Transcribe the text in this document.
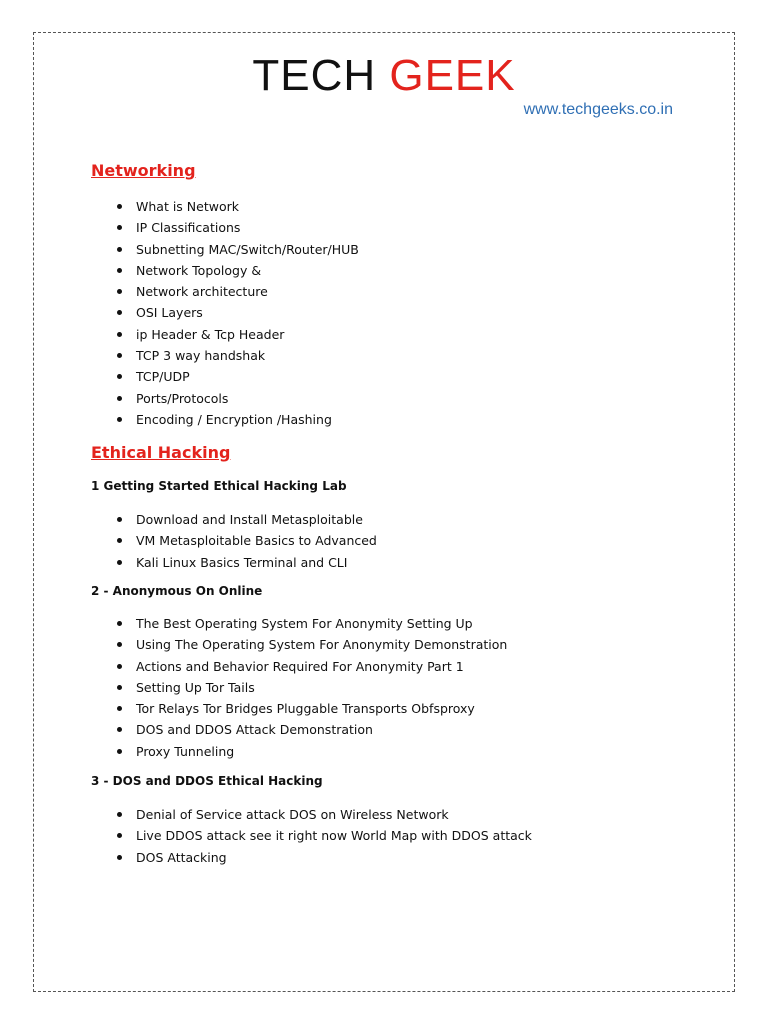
TECH GEEK
www.techgeeks.co.in
Networking
What is Network
IP Classifications
Subnetting MAC/Switch/Router/HUB
Network Topology &
Network architecture
OSI Layers
ip Header & Tcp Header
TCP 3 way handshak
TCP/UDP
Ports/Protocols
Encoding / Encryption /Hashing
Ethical Hacking

1 Getting Started Ethical Hacking Lab

Download and Install Metasploitable
VM Metasploitable Basics to Advanced
Kali Linux Basics Terminal and CLI

2 - Anonymous On Online

The Best Operating System For Anonymity Setting Up
Using The Operating System For Anonymity Demonstration
Actions and Behavior Required For Anonymity Part 1
Setting Up Tor Tails
Tor Relays Tor Bridges Pluggable Transports Obfsproxy
DOS and DDOS Attack Demonstration
Proxy Tunneling

3 - DOS and DDOS Ethical Hacking

Denial of Service attack DOS on Wireless Network
Live DDOS attack see it right now World Map with DDOS attack
DOS Attacking
